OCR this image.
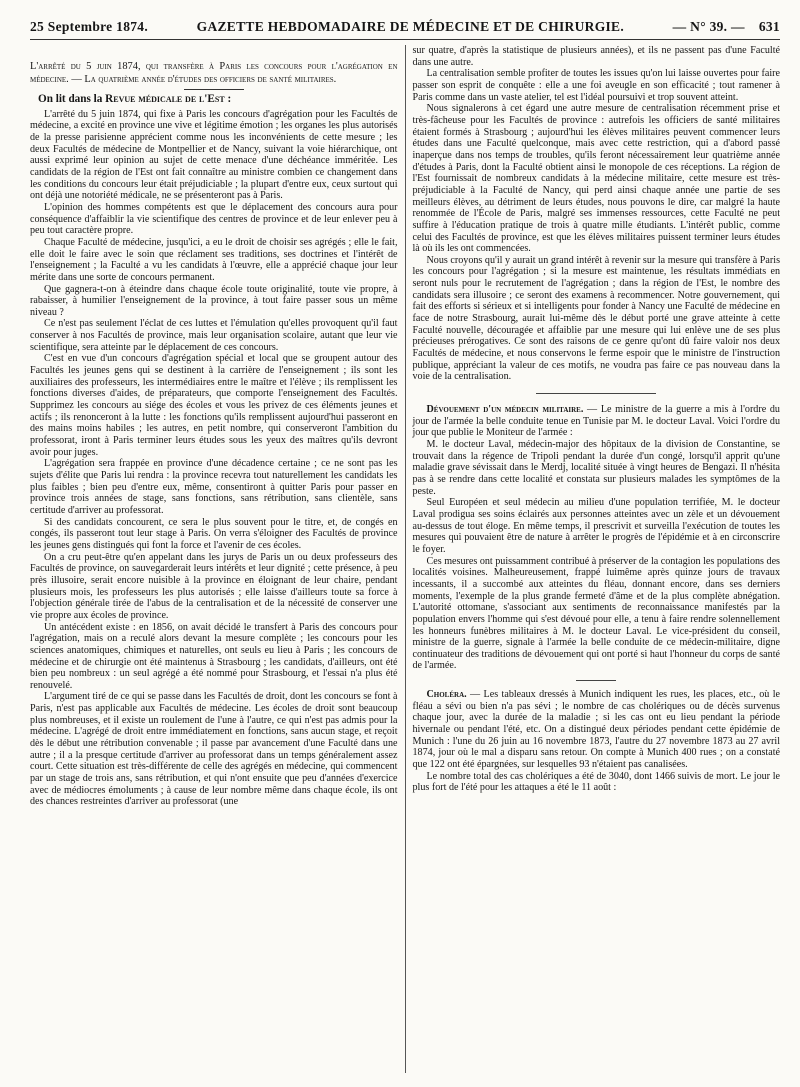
25 Septembre 1874.	GAZETTE HEBDOMADAIRE DE MÉDECINE ET DE CHIRURGIE.	— N° 39. — 631
L'arrêté du 5 juin 1874, qui transfère à Paris les concours pour l'agrégation en médecine. — La quatrième année d'études des officiers de santé militaires.
On lit dans la Revue médicale de l'Est :

L'arrêté du 5 juin 1874, qui fixe à Paris les concours d'agrégation pour les Facultés de médecine, a excité en province une vive et légitime émotion ; les organes les plus autorisés de la presse parisienne apprécient comme nous les inconvénients de cette mesure ; les deux Facultés de médecine de Montpellier et de Nancy, suivant la voie hiérarchique, ont aussi exprimé leur opinion au sujet de cette menace d'une déchéance imméritée. Les candidats de la région de l'Est ont fait connaître au ministre combien ce changement dans les conditions du concours leur était préjudiciable ; la plupart d'entre eux, ceux surtout qui ont déjà une notoriété médicale, ne se présenteront pas à Paris.

L'opinion des hommes compétents est que le déplacement des concours aura pour conséquence d'affaiblir la vie scientifique des centres de province et de leur enlever peu à peu tout caractère propre.

Chaque Faculté de médecine, jusqu'ici, a eu le droit de choisir ses agrégés ; elle le fait, elle doit le faire avec le soin que réclament ses traditions, ses doctrines et l'intérêt de l'enseignement ; la Faculté a vu les candidats à l'œuvre, elle a apprécié chaque jour leur mérite dans une sorte de concours permanent.

Que gagnera-t-on à éteindre dans chaque école toute originalité, toute vie propre, à rabaisser, à humilier l'enseignement de la province, à tout faire passer sous un même niveau ?

Ce n'est pas seulement l'éclat de ces luttes et l'émulation qu'elles provoquent qu'il faut conserver à nos Facultés de province, mais leur organisation scolaire, autant que leur vie scientifique, sera atteinte par le déplacement de ces concours.

C'est en vue d'un concours d'agrégation spécial et local que se groupent autour des Facultés les jeunes gens qui se destinent à la carrière de l'enseignement ; ils sont les auxiliaires des professeurs, les intermédiaires entre le maître et l'élève ; ils remplissent les fonctions diverses d'aides, de préparateurs, que comporte l'enseignement des Facultés. Supprimez les concours au siége des écoles et vous les privez de ces éléments jeunes et actifs ; ils renonceront à la lutte : les fonctions qu'ils remplissent aujourd'hui passeront en des mains moins habiles ; les autres, en petit nombre, qui conserveront l'ambition du professorat, iront à Paris terminer leurs études sous les yeux des maîtres qu'ils devront avoir pour juges.

L'agrégation sera frappée en province d'une décadence certaine ; ce ne sont pas les sujets d'élite que Paris lui rendra : la province recevra tout naturellement les candidats les plus faibles ; bien peu d'entre eux, même, consentiront à quitter Paris pour passer en province trois années de stage, sans fonctions, sans rétribution, sans clientèle, sans certitude d'arriver au professorat.

Si des candidats concourent, ce sera le plus souvent pour le titre, et, de congés en congés, ils passeront tout leur stage à Paris. On verra s'éloigner des Facultés de province les jeunes gens distingués qui font la force et l'avenir de ces écoles.

On a cru peut-être qu'en appelant dans les jurys de Paris un ou deux professeurs des Facultés de province, on sauvegarderait leurs intérêts et leur dignité ; cette présence, à peu près illusoire, serait encore nuisible à la province en éloignant de leur chaire, pendant plusieurs mois, les professeurs les plus autorisés ; elle laisse d'ailleurs toute sa force à l'objection générale tirée de l'abus de la centralisation et de la nécessité de conserver une vie propre aux écoles de province.

Un antécédent existe : en 1856, on avait décidé le transfert à Paris des concours pour l'agrégation, mais on a reculé alors devant la mesure complète ; les concours pour les sciences anatomiques, chimiques et naturelles, ont seuls eu lieu à Paris ; les concours de médecine et de chirurgie ont été maintenus à Strasbourg ; les candidats, d'ailleurs, ont été bien peu nombreux : un seul agrégé a été nommé pour Strasbourg, et l'essai n'a plus été renouvelé.

L'argument tiré de ce qui se passe dans les Facultés de droit, dont les concours se font à Paris, n'est pas applicable aux Facultés de médecine. Les écoles de droit sont beaucoup plus nombreuses, et il existe un roulement de l'une à l'autre, ce qui n'est pas admis pour la médecine. L'agrégé de droit entre immédiatement en fonctions, sans aucun stage, et reçoit dès le début une rétribution convenable ; il passe par avancement d'une Faculté dans une autre ; il a la presque certitude d'arriver au professorat dans un temps généralement assez court. Cette situation est très-différente de celle des agrégés en médecine, qui commencent par un stage de trois ans, sans rétribution, et qui n'ont ensuite que peu d'années d'exercice avec de médiocres émoluments ; à cause de leur nombre même dans chaque école, ils ont des chances restreintes d'arriver au professorat (une

sur quatre, d'après la statistique de plusieurs années), et ils ne passent pas d'une Faculté dans une autre.

La centralisation semble profiter de toutes les issues qu'on lui laisse ouvertes pour faire passer son esprit de conquête : elle a une foi aveugle en son efficacité ; tout ramener à Paris comme dans un vaste atelier, tel est l'idéal poursuivi et trop souvent atteint.

Nous signalerons à cet égard une autre mesure de centralisation récemment prise et très-fâcheuse pour les Facultés de province : autrefois les officiers de santé militaires étaient formés à Strasbourg ; aujourd'hui les élèves militaires peuvent commencer leurs études dans une Faculté quelconque, mais avec cette restriction, qui a d'abord passé inaperçue dans nos temps de troubles, qu'ils feront nécessairement leur quatrième année d'études à Paris, dont la Faculté obtient ainsi le monopole de ces réceptions. La région de l'Est fournissait de nombreux candidats à la médecine militaire, cette mesure est très-préjudiciable à la Faculté de Nancy, qui perd ainsi chaque année une partie de ses meilleurs élèves, au détriment de leurs études, nous pouvons le dire, car malgré la haute renommée de l'École de Paris, malgré ses immenses ressources, cette Faculté ne peut suffire à l'éducation pratique de trois à quatre mille étudiants. L'intérêt public, comme celui des Facultés de province, est que les élèves militaires puissent terminer leurs études là où ils les ont commencées.

Nous croyons qu'il y aurait un grand intérêt à revenir sur la mesure qui transfère à Paris les concours pour l'agrégation ; si la mesure est maintenue, les résultats immédiats en seront nuls pour le recrutement de l'agrégation ; dans la région de l'Est, le nombre des candidats sera illusoire ; ce seront des examens à recommencer. Notre gouvernement, qui fait des efforts si sérieux et si intelligents pour fonder à Nancy une Faculté de médecine en face de notre Strasbourg, aurait lui-même dès le début porté une grave atteinte à cette Faculté nouvelle, découragée et affaiblie par une mesure qui lui enlève une de ses plus précieuses prérogatives. Ce sont des raisons de ce genre qu'ont dû faire valoir nos deux Facultés de médecine, et nous conservons le ferme espoir que le ministre de l'instruction publique, appréciant la valeur de ces motifs, ne voudra pas faire ce pas nouveau dans la voie de la centralisation.

Dévouement d'un médecin militaire. — Le ministre de la guerre a mis à l'ordre du jour de l'armée la belle conduite tenue en Tunisie par M. le docteur Laval. Voici l'ordre du jour que publie le Moniteur de l'armée :

M. le docteur Laval, médecin-major des hôpitaux de la division de Constantine, se trouvait dans la régence de Tripoli pendant la durée d'un congé, lorsqu'il apprit qu'une maladie grave sévissait dans le Merdj, localité située à vingt heures de Bengazi. Il n'hésita pas à se rendre dans cette localité et constata sur plusieurs malades les symptômes de la peste.

Seul Européen et seul médecin au milieu d'une population terrifiée, M. le docteur Laval prodigua ses soins éclairés aux personnes atteintes avec un zèle et un dévouement au-dessus de tout éloge. En même temps, il prescrivit et surveilla l'exécution de toutes les mesures qui pouvaient être de nature à arrêter le progrès de l'épidémie et à en circonscrire le foyer.

Ces mesures ont puissamment contribué à préserver de la contagion les populations des localités voisines. Malheureusement, frappé luimême après quinze jours de travaux incessants, il a succombé aux atteintes du fléau, donnant encore, dans ses derniers moments, l'exemple de la plus grande fermeté d'âme et de la plus complète abnégation. L'autorité ottomane, s'associant aux sentiments de reconnaissance manifestés par la population envers l'homme qui s'est dévoué pour elle, a tenu à faire rendre solennellement les honneurs funèbres militaires à M. le docteur Laval. Le vice-président du conseil, ministre de la guerre, signale à l'armée la belle conduite de ce médecin-militaire, digne continuateur des traditions de dévouement qui ont porté si haut l'honneur du corps de santé de l'armée.

Choléra. — Les tableaux dressés à Munich indiquent les rues, les places, etc., où le fléau a sévi ou bien n'a pas sévi ; le nombre de cas cholériques ou de décès survenus chaque jour, avec la durée de la maladie ; si les cas ont eu lieu pendant la période hivernale ou pendant l'été, etc. On a distingué deux périodes pendant cette épidémie de Munich : l'une du 26 juin au 16 novembre 1873, l'autre du 27 novembre 1873 au 27 avril 1874, jour où le mal a disparu sans retour. On compte à Munich 400 rues ; on a constaté que 122 ont été épargnées, sur lesquelles 93 n'étaient pas canalisées.

Le nombre total des cas cholériques a été de 3040, dont 1466 suivis de mort. Le jour le plus fort de l'été pour les attaques a été le 11 août :
